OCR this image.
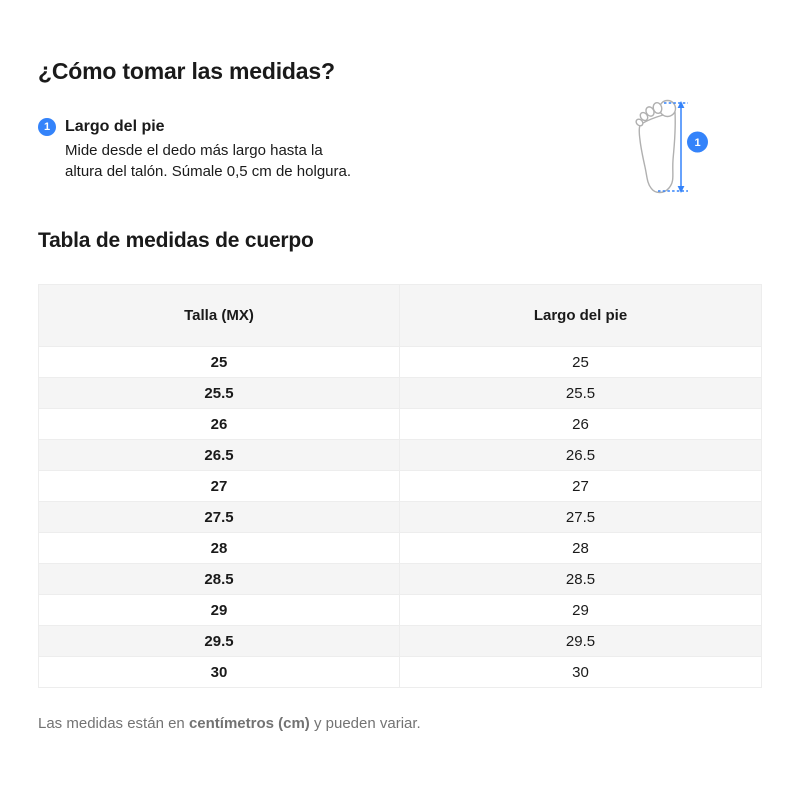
¿Cómo tomar las medidas?
1 Largo del pie

Mide desde el dedo más largo hasta la
altura del talón. Súmale 0,5 cm de holgura.

1
Tabla de medidas de cuerpo
Talla (MX)	Largo del pie
25	25
25.5	25.5
26	26
26.5	26.5
27	27
27.5	27.5
28	28
28.5	28.5
29	29
29.5	29.5
30	30

Las medidas están en centímetros (cm) y pueden variar.
